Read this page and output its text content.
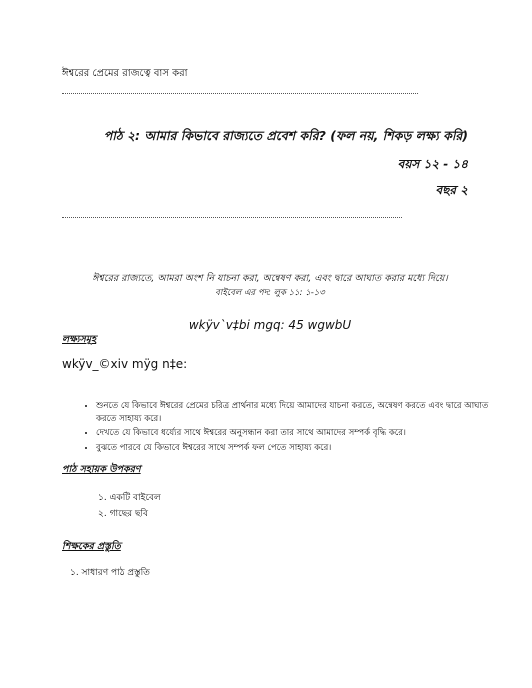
ঈশ্বরের প্রেমের রাজত্বে বাস করা
পাঠ ২: আমার কিভাবে রাজ্যতে প্রবেশ করি? (ফল নয়, শিকড় লক্ষ্য করি)
বয়স ১২ - ১৪
বছর ২
ঈশ্বরের রাজ্যতে, আমরা অংশ নি যাচনা করা, অন্বেষণ করা, এবং দ্বারে আঘাত করার মধ্যে দিয়ে।
বাইবেল এর পদ: লুক ১১: ১-১৩
wkÿv`v‡bi mgq: 45 wgwbU
লক্ষ্যসমূহ
wkÿv_©xiv mÿg n‡e:
• শুনতে যে কিভাবে ঈশ্বরের প্রেমের চরিত্র প্রার্থনার মধ্যে দিয়ে আমাদের যাচনা করতে, অন্বেষণ করতে এবং দ্বারে আঘাত করতে সাহায্য করে।
• দেখতে যে কিভাবে ধর্য্যের সাথে ঈশ্বরের অনুসন্ধান করা তার সাথে আমাদের সম্পর্ক বৃদ্ধি করে।
• বুঝতে পারবে যে কিভাবে ঈশ্বরের সাথে সম্পর্ক ফল পেতে সাহায্য করে।
পাঠ সহায়ক উপকরণ
১. একটি বাইবেল
২. গাছের ছবি
শিক্ষকের প্রস্তুতি
১. সাধারণ পাঠ প্রস্তুতি
